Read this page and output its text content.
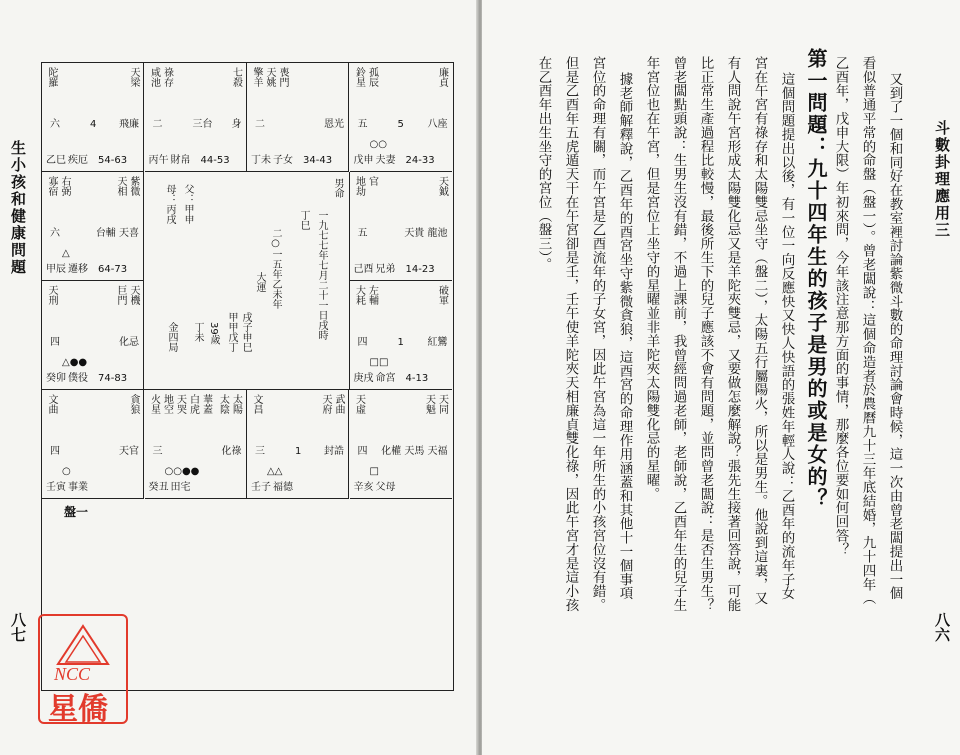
生小孩和健康問題
八七
天梁
陀羅
六	4 飛廉
乙巳 疾厄 54-63
七殺
咸池 祿存
二	三台 身
丙午 財帛 44-53
擎羊 天姚 喪門
二	恩光
丁未 子女 34-43
廉貞
鈴星 孤辰
五	5 八座
○○
戊申 夫妻 24-33
紫微
天相
寡宿 右弼
六	台輔 天喜
△
甲辰 遷移 64-73
天鉞
地劫 官
五	天貴 龍池
己酉 兄弟 14-23
天機
巨門
天刑
四	化忌
△●●
癸卯 僕役 74-83
破軍
大耗 左輔
四	1 紅鸞
□□
庚戌 命宮 4-13
貪狼
文曲
四	天官
○
壬寅 事業
太陽
太陰
火星 地空 天哭 白虎 華蓋
三	化祿
○○●●
癸丑 田宅
武曲
天府
文昌
三	1 封誥
△△
壬子 福德
天同
天魁
天虛
四 化權 天馬 天福
□
辛亥 父母
男命
一九七七年七月二十一日戌時
丁巳
二○一五年乙未年
大運
甲甲戊丁 戌子申巳
39歲
丁未
父：甲申
母：丙戌
金四局
盤一
NCC
星僑
斗數卦理應用三
八六
又到了一個和同好在教室裡討論紫微斗數的命理討論會時候，這一次由曾老闆提出一個
看似普通平常的命盤（盤一）。曾老闆說：這個命造者於農曆九十三年底結婚，九十四年（
乙酉年，戊申大限）年初來問，今年該注意那方面的事情，那麼各位要如何回答？
第一問題：九十四年生的孩子是男的或是女的？
這個問題提出以後，有一位一向反應快又快人快語的張姓年輕人說：乙酉年的流年子女
宮在午宮有祿存和太陽雙忌坐守（盤二），太陽五行屬陽火，所以是男生。他說到這裏，又
有人問說午宮形成太陽雙化忌又是羊陀夾雙忌，又要做怎麼解說？張先生接著回答說，可能
比正常生產過程比較慢，最後所生下的兒子應該不會有問題，並問曾老闆說：是否生男生？
曾老闆點頭說：生男生沒有錯，不過上課前，我曾經問過老師，老師說，乙酉年生的兒子生
年宮位也在午宮，但是宮位上坐守的星曜並非羊陀夾太陽雙化忌的星曜。
據老師解釋說，乙酉年的酉宮坐守紫微貪狼，這酉宮的命理作用涵蓋和其他十一個事項
宮位的命理有關，而午宮是乙酉流年的子女宮，因此午宮為這一年所生的小孩宮位沒有錯。
但是乙酉年五虎遁天干在午宮卻是壬，壬午使羊陀夾天相廉貞雙化祿，因此午宮才是這小孩
在乙酉年出生坐守的宮位（盤三）。
